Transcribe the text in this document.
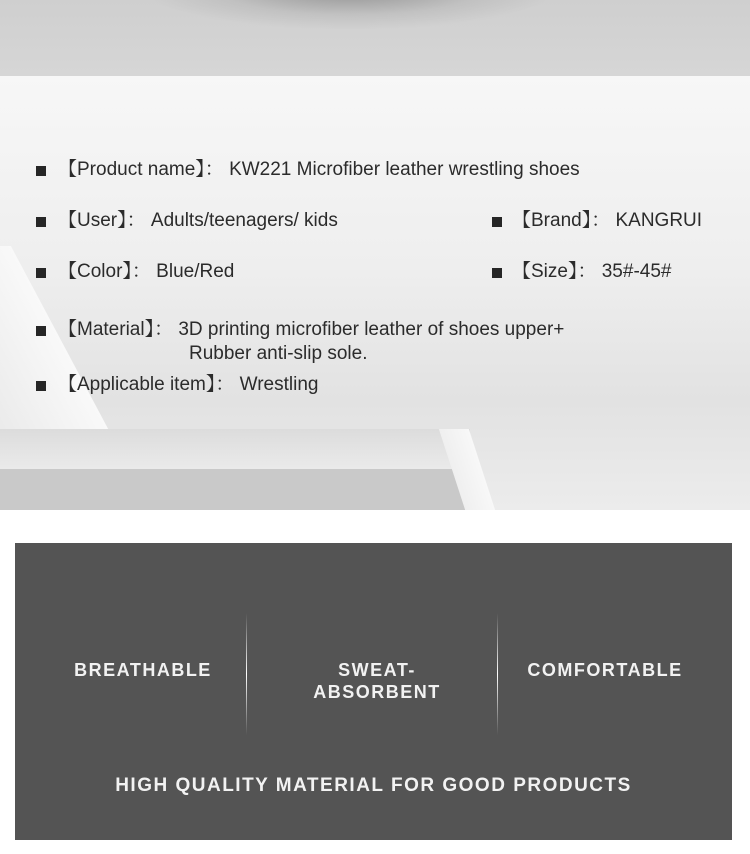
【Product name】： KW221 Microfiber leather wrestling shoes
【User】： Adults/teenagers/ kids	【Brand】： KANGRUI
【Color】： Blue/Red	【Size】： 35#-45#
【Material】： 3D printing microfiber leather of shoes upper+
Rubber anti-slip sole.
【Applicable item】： Wrestling
BREATHABLE	SWEAT-ABSORBENT
COMFORTABLE
HIGH QUALITY MATERIAL FOR GOOD PRODUCTS
